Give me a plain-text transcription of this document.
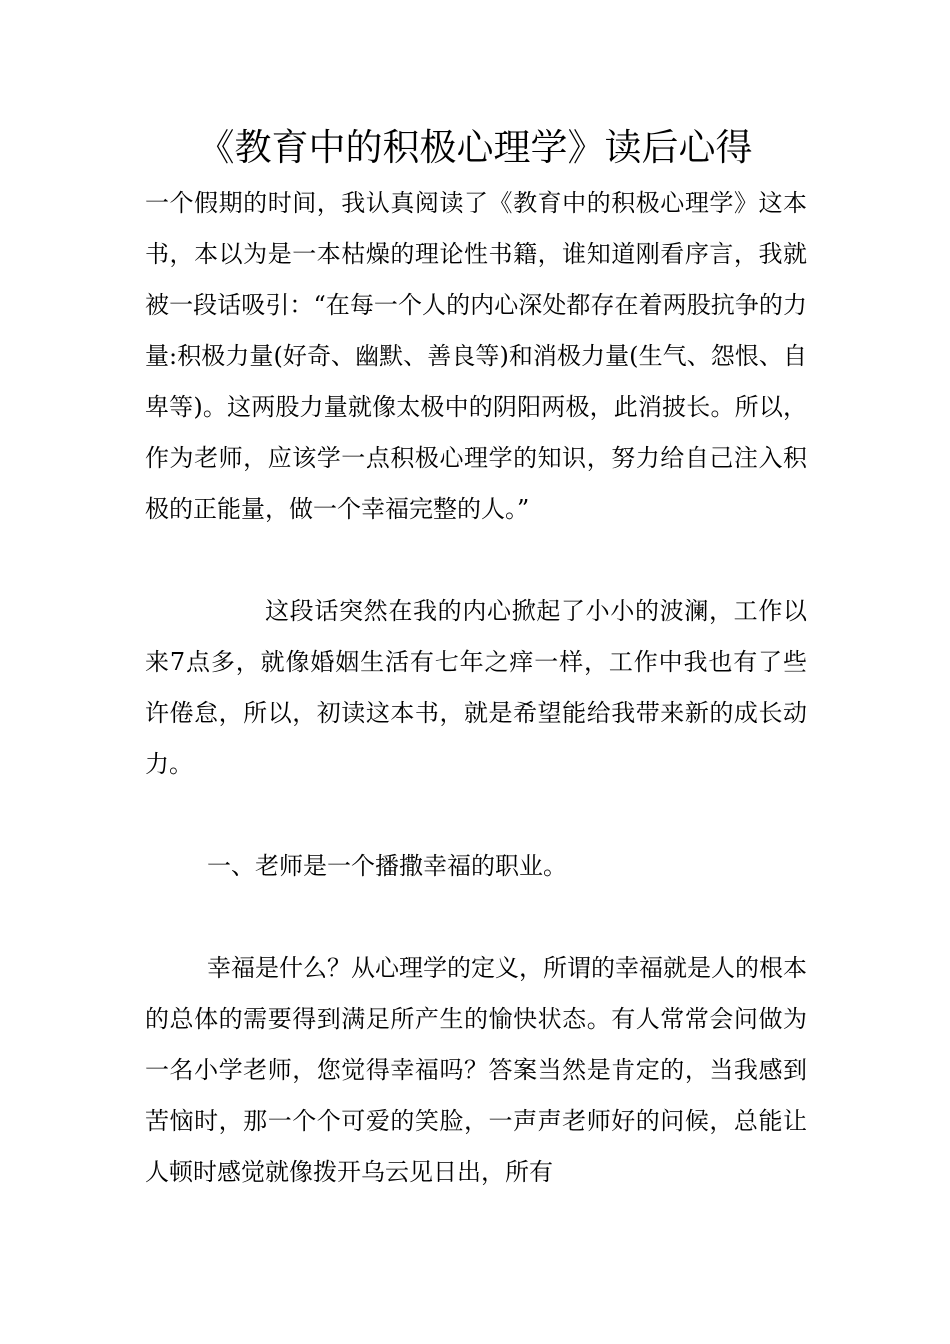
《教育中的积极心理学》读后心得

一个假期的时间，我认真阅读了《教育中的积极心理学》这本书，本以为是一本枯燥的理论性书籍，谁知道刚看序言，我就被一段话吸引：“在每一个人的内心深处都存在着两股抗争的力量:积极力量(好奇、幽默、善良等)和消极力量(生气、怨恨、自卑等)。这两股力量就像太极中的阴阳两极，此消披长。所以，作为老师，应该学一点积极心理学的知识，努力给自己注入积极的正能量，做一个幸福完整的人。”

这段话突然在我的内心掀起了小小的波澜，工作以来7点多，就像婚姻生活有七年之痒一样，工作中我也有了些许倦怠，所以，初读这本书，就是希望能给我带来新的成长动力。

一、老师是一个播撒幸福的职业。

幸福是什么？从心理学的定义，所谓的幸福就是人的根本的总体的需要得到满足所产生的愉快状态。有人常常会问做为一名小学老师，您觉得幸福吗？答案当然是肯定的，当我感到苦恼时，那一个个可爱的笑脸，一声声老师好的问候，总能让人顿时感觉就像拨开乌云见日出，所有
